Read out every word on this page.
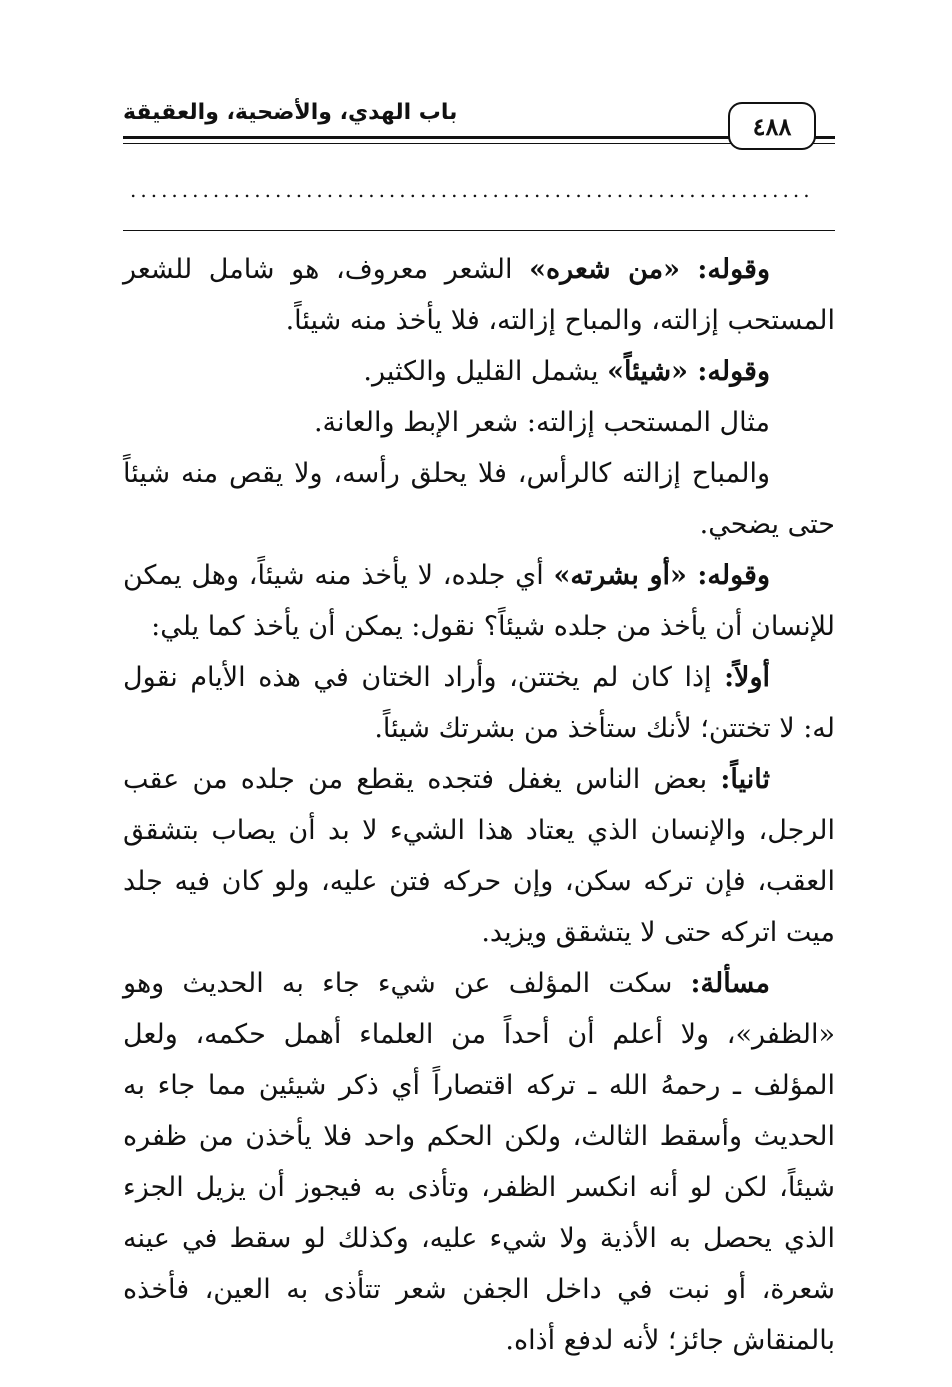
٤٨٨
باب الهدي، والأضحية، والعقيقة
..................................................................

وقوله: «من شعره» الشعر معروف، هو شامل للشعر المستحب إزالته، والمباح إزالته، فلا يأخذ منه شيئاً.

وقوله: «شيئاً» يشمل القليل والكثير.

مثال المستحب إزالته: شعر الإبط والعانة.

والمباح إزالته كالرأس، فلا يحلق رأسه، ولا يقص منه شيئاً حتى يضحي.

وقوله: «أو بشرته» أي جلده، لا يأخذ منه شيئاً، وهل يمكن للإنسان أن يأخذ من جلده شيئاً؟ نقول: يمكن أن يأخذ كما يلي:

أولاً: إذا كان لم يختتن، وأراد الختان في هذه الأيام نقول له: لا تختتن؛ لأنك ستأخذ من بشرتك شيئاً.

ثانياً: بعض الناس يغفل فتجده يقطع من جلده من عقب الرجل، والإنسان الذي يعتاد هذا الشيء لا بد أن يصاب بتشقق العقب، فإن تركه سكن، وإن حركه فتن عليه، ولو كان فيه جلد ميت اتركه حتى لا يتشقق ويزيد.

مسألة: سكت المؤلف عن شيء جاء به الحديث وهو «الظفر»، ولا أعلم أن أحداً من العلماء أهمل حكمه، ولعل المؤلف ـ رحمهُ الله ـ تركه اقتصاراً أي ذكر شيئين مما جاء به الحديث وأسقط الثالث، ولكن الحكم واحد فلا يأخذن من ظفره شيئاً، لكن لو أنه انكسر الظفر، وتأذى به فيجوز أن يزيل الجزء الذي يحصل به الأذية ولا شيء عليه، وكذلك لو سقط في عينه شعرة، أو نبت في داخل الجفن شعر تتأذى به العين، فأخذه بالمنقاش جائز؛ لأنه لدفع أذاه.
